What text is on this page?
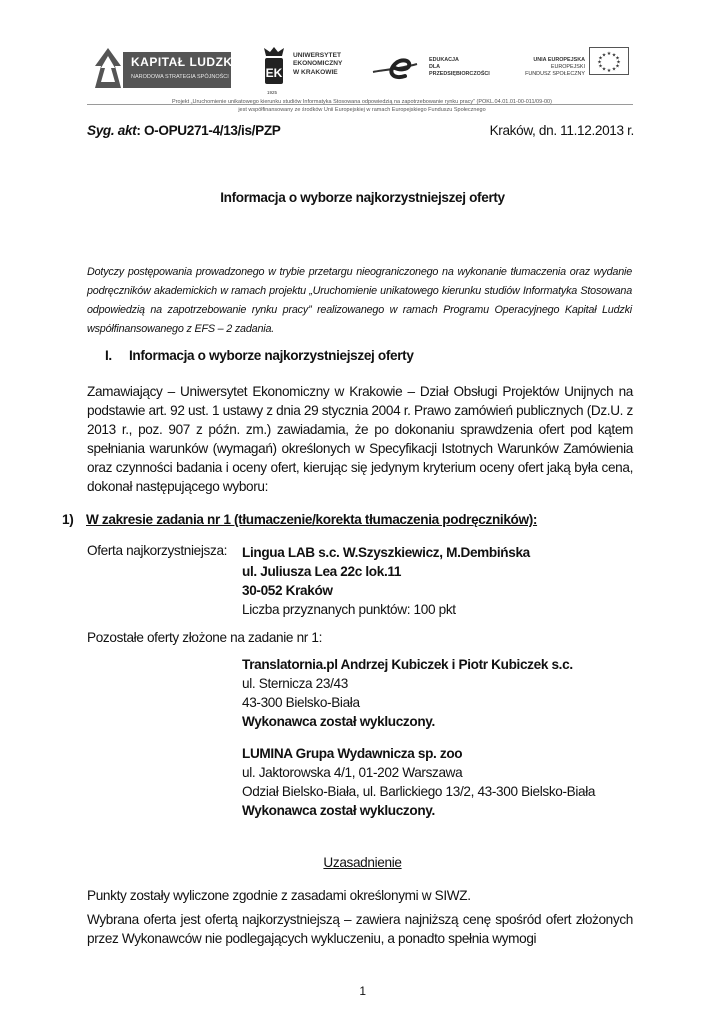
KAPITAŁ LUDZKI
NARODOWA STRATEGIA SPÓJNOŚCI	EK
1925
UNIWERSYTET
EKONOMICZNY
W KRAKOWIE
EDUKACJA
DLA
PRZEDSIĘBIORCZOŚCI
UNIA EUROPEJSKA
EUROPEJSKI
FUNDUSZ SPOŁECZNY
★ ★
★
★
★
★
★
★
★
★
★
★
Projekt „Uruchomienie unikatowego kierunku studiów Informatyka Stosowana odpowiedzią na zapotrzebowanie rynku pracy” (POKL.04.01.01-00-011/09-00)
jest współfinansowany ze środków Unii Europejskiej w ramach Europejskiego Funduszu Społecznego
Syg. akt: O-OPU271-4/13/is/PZP	Kraków, dn. 11.12.2013 r.
Informacja o wyborze najkorzystniejszej oferty
Dotyczy postępowania prowadzonego w trybie przetargu nieograniczonego na wykonanie tłumaczenia oraz wydanie podręczników akademickich w ramach projektu „Uruchomienie unikatowego kierunku studiów Informatyka Stosowana odpowiedzią na zapotrzebowanie rynku pracy” realizowanego w ramach Programu Operacyjnego Kapitał Ludzki współfinansowanego z EFS – 2 zadania.
I. Informacja o wyborze najkorzystniejszej oferty
Zamawiający – Uniwersytet Ekonomiczny w Krakowie – Dział Obsługi Projektów Unijnych na podstawie art. 92 ust. 1 ustawy z dnia 29 stycznia 2004 r. Prawo zamówień publicznych (Dz.U. z 2013 r., poz. 907 z późn. zm.) zawiadamia, że po dokonaniu sprawdzenia ofert pod kątem spełniania warunków (wymagań) określonych w Specyfikacji Istotnych Warunków Zamówienia oraz czynności badania i oceny ofert, kierując się jedynym kryterium oceny ofert jaką była cena, dokonał następującego wyboru:
1) W zakresie zadania nr 1 (tłumaczenie/korekta tłumaczenia podręczników):
Oferta najkorzystniejsza: Lingua LAB s.c. W.Szyszkiewicz, M.Dembińska
ul. Juliusza Lea 22c lok.11
30-052 Kraków
Liczba przyznanych punktów: 100 pkt
Pozostałe oferty złożone na zadanie nr 1:
Translatornia.pl Andrzej Kubiczek i Piotr Kubiczek s.c.
ul. Sternicza 23/43
43-300 Bielsko-Biała
Wykonawca został wykluczony.
LUMINA Grupa Wydawnicza sp. zoo
ul. Jaktorowska 4/1, 01-202 Warszawa
Odział Bielsko-Biała, ul. Barlickiego 13/2, 43-300 Bielsko-Biała
Wykonawca został wykluczony.
Uzasadnienie
Punkty zostały wyliczone zgodnie z zasadami określonymi w SIWZ.
Wybrana oferta jest ofertą najkorzystniejszą – zawiera najniższą cenę spośród ofert złożonych przez Wykonawców nie podlegających wykluczeniu, a ponadto spełnia wymogi
1
